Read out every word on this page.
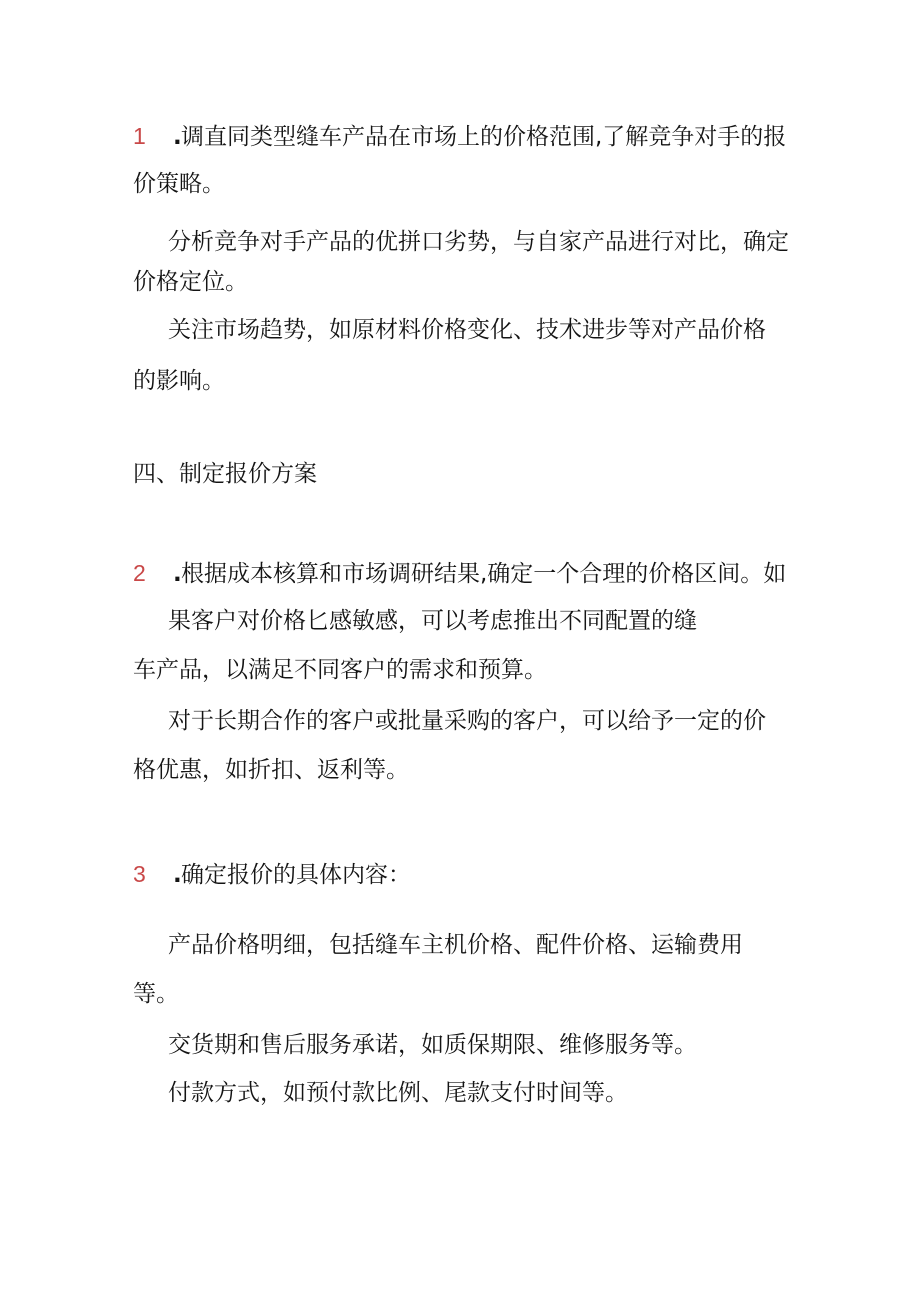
1 .调直同类型缝车产品在市场上的价格范围,了解竞争对手的报
价策略。
分析竞争对手产品的优拼口劣势，与自家产品进行对比，确定
价格定位。
关注市场趋势，如原材料价格变化、技术进步等对产品价格
的影响。
四、制定报价方案
2 .根据成本核算和市场调研结果,确定一个合理的价格区间。如
果客户对价格匕感敏感，可以考虑推出不同配置的缝
车产品，以满足不同客户的需求和预算。
对于长期合作的客户或批量采购的客户，可以给予一定的价
格优惠，如折扣、返利等。
3 .确定报价的具体内容：
产品价格明细，包括缝车主机价格、配件价格、运输费用
等。
交货期和售后服务承诺，如质保期限、维修服务等。
付款方式，如预付款比例、尾款支付时间等。
